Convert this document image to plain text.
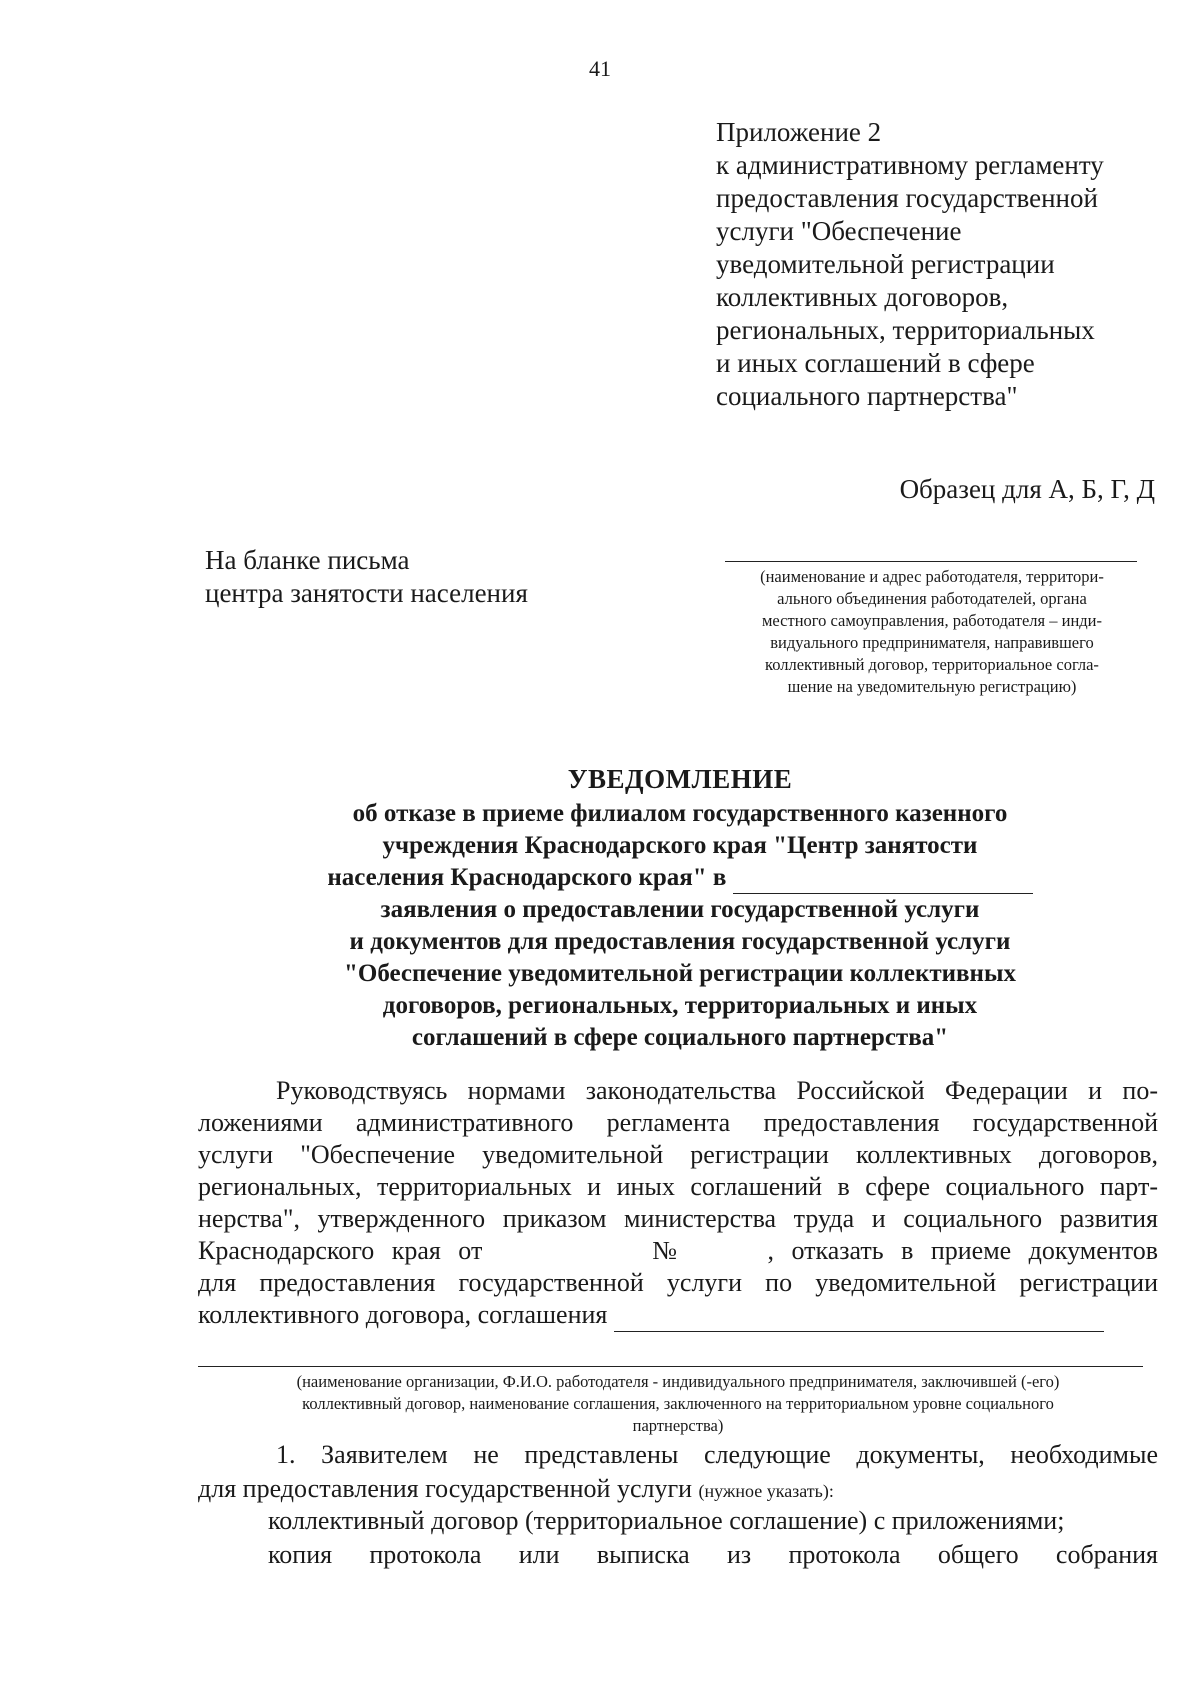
41
Приложение 2
к административному регламенту
предоставления государственной
услуги "Обеспечение
уведомительной регистрации
коллективных договоров,
региональных, территориальных
и иных соглашений в сфере
социального партнерства"
Образец для А, Б, Г, Д
На бланке письма
центра занятости населения
(наименование и адрес работодателя, территори-
ального объединения работодателей, органа
местного самоуправления, работодателя – инди-
видуального предпринимателя, направившего
коллективный договор, территориальное согла-
шение на уведомительную регистрацию)
УВЕДОМЛЕНИЕ
об отказе в приеме филиалом государственного казенного
учреждения Краснодарского края "Центр занятости
населения Краснодарского края" в
заявления о предоставлении государственной услуги
и документов для предоставления государственной услуги
"Обеспечение уведомительной регистрации коллективных
договоров, региональных, территориальных и иных
соглашений в сфере социального партнерства"
Руководствуясь нормами законодательства Российской Федерации и по-
ложениями административного регламента предоставления государственной
услуги "Обеспечение уведомительной регистрации коллективных договоров,
региональных, территориальных и иных соглашений в сфере социального парт-
нерства", утвержденного приказом министерства труда и социального развития
Краснодарского края от	№	, отказать в приеме документов
для предоставления государственной услуги по уведомительной регистрации
коллективного договора, соглашения
(наименование организации, Ф.И.О. работодателя - индивидуального предпринимателя, заключившей (-его)
коллективный договор, наименование соглашения, заключенного на территориальном уровне социального
партнерства)
1. Заявителем не представлены следующие документы, необходимые
для предоставления государственной услуги (нужное указать):
коллективный договор (территориальное соглашение) с приложениями;
копия протокола или выписка из протокола общего собрания
